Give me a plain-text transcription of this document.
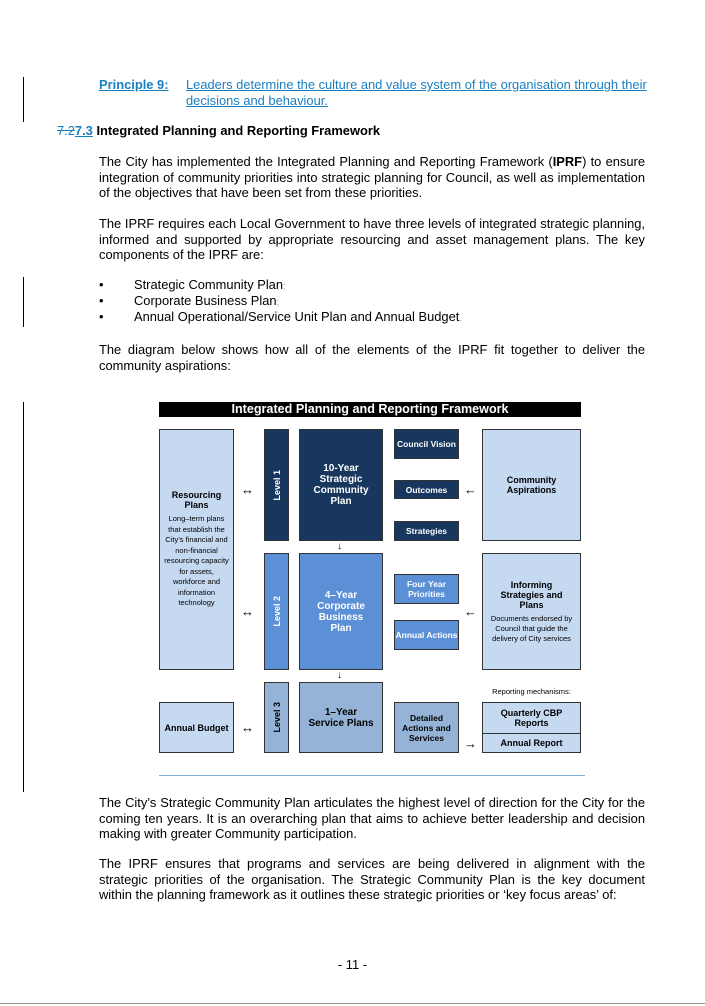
Principle 9: Leaders determine the culture and value system of the organisation through their decisions and behaviour.
7.27.3 Integrated Planning and Reporting Framework
The City has implemented the Integrated Planning and Reporting Framework (IPRF) to ensure integration of community priorities into strategic planning for Council, as well as implementation of the objectives that have been set from these priorities.
The IPRF requires each Local Government to have three levels of integrated strategic planning, informed and supported by appropriate resourcing and asset management plans. The key components of the IPRF are:
• Strategic Community Plan;
• Corporate Business Plan;
• Annual Operational/Service Unit Plan and Annual Budget.
The diagram below shows how all of the elements of the IPRF fit together to deliver the community aspirations:
Integrated Planning and Reporting Framework
Resourcing Plans
Long–term plans that establish the City’s financial and non-financial resourcing capacity for assets, workforce and information technology
↔
↔
Level 1
Level 2
Level 3
10-Year Strategic Community Plan
↓
4–Year Corporate Business Plan
↓
1–Year Service Plans
Council Vision
Outcomes
Strategies
Four Year Priorities
Annual Actions
Detailed Actions and Services
←
←
→
Community Aspirations
Informing Strategies and Plans
Documents endorsed by Council that guide the delivery of City services
Reporting mechanisms:
Quarterly CBP Reports
Annual Report
Annual Budget ↔
The City’s Strategic Community Plan articulates the highest level of direction for the City for the coming ten years. It is an overarching plan that aims to achieve better leadership and decision making with greater Community participation.
The IPRF ensures that programs and services are being delivered in alignment with the strategic priorities of the organisation. The Strategic Community Plan is the key document within the planning framework as it outlines these strategic priorities or ‘key focus areas’ of:
- 11 -
